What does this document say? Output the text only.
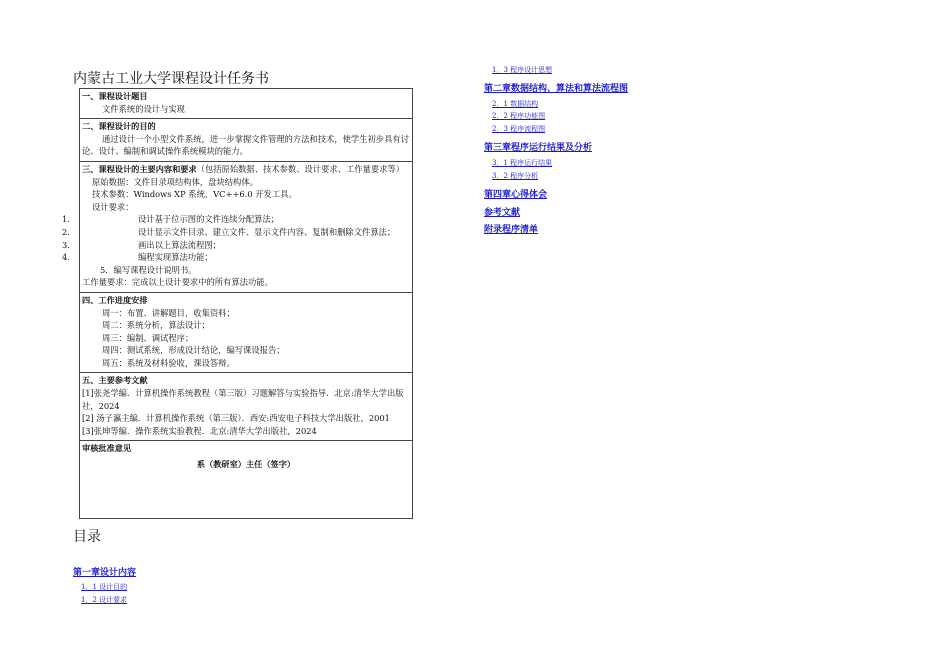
内蒙古工业大学课程设计任务书
一、课程设计题目
文件系统的设计与实现
二、课程设计的目的
通过设计一个小型文件系统，进一步掌握文件管理的方法和技术，使学生初步具有讨论、设计、编制和调试操作系统模块的能力。
三、课程设计的主要内容和要求（包括原始数据、技术参数、设计要求、工作量要求等）
原始数据：文件目录项结构体，盘块结构体。
技术参数：Windows XP 系统，VC++6.0 开发工具。
设计要求：
1.	设计基于位示图的文件连续分配算法；
2.	设计显示文件目录、建立文件、显示文件内容、复制和删除文件算法；
3.	画出以上算法流程图；
4.	编程实现算法功能；
5．编写课程设计说明书。
工作量要求：完成以上设计要求中的所有算法功能。
四、工作进度安排
周一：布置、讲解题目，收集资料；
周二：系统分析，算法设计；
周三：编制、调试程序；
周四：测试系统，形成设计结论，编写课设报告；
周五：系统及材料验收，课设答辩。
五、主要参考文献
[1]张尧学编．计算机操作系统教程（第三版）习题解答与实验指导．北京:清华大学出版社，2024
[2] 汤子瀛主编．计算机操作系统（第三版）．西安:西安电子科技大学出版社，2001
[3]张坤等编．操作系统实验教程．北京:清华大学出版社，2024
审核批准意见
系（教研室）主任（签字）
目录
第一章设计内容
1．1 设计目的
1．2 设计要求
1．3 程序设计思想
第二章数据结构、算法和算法流程图
2．1 数据结构
2．2 程序功能图
2．3 程序流程图
第三章程序运行结果及分析
3．1 程序运行结果
3．2 程序分析
第四章心得体会
参考文献
附录程序清单
